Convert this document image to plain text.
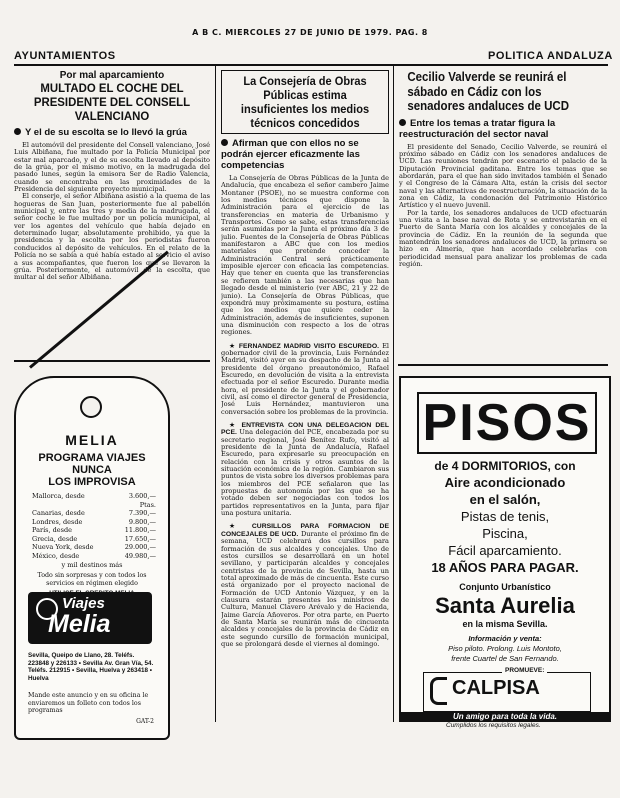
A B C. MIERCOLES 27 DE JUNIO DE 1979. PAG. 8
AYUNTAMIENTOS	POLITICA ANDALUZA

Por mal aparcamiento

MULTADO EL COCHE DEL PRESIDENTE DEL CONSELL VALENCIANO

Y el de su escolta se lo llevó la grúa

El automóvil del presidente del Consell valenciano, José Luis Albiñana, fue multado por la Policía Municipal por estar mal aparcado, y el de su escolta llevado al depósito de la grúa, por el mismo motivo, en la madrugada del pasado lunes, según la emisora Ser de Radio Valencia, cuando se encontraba en las proximidades de la Presidencia del siguiente proyecto municipal.

El conserje, el señor Albiñana asistió a la quema de las hogueras de San Juan, posteriormente fue al pabellón municipal y, entre las tres y media de la madrugada, el señor coche le fue multado por un policía municipal, al ver los agentes del vehículo que había dejado en determinado lugar, absolutamente prohibido, ya que la presidencia y la escolta por los periodistas fueron conducidos al depósito de vehículos. En el relato de la Policía no se sabía a qué había estado al servicio el aviso a sus acompañantes, que fueron los que se llevaron la grúa. Posteriormente, el automóvil de la escolta, que multar al del señor Albiñana.

MELIA
PROGRAMA VIAJES
NUNCA
LOS IMPROVISA
Mallorca, desde	3.600,— Ptas.
Canarias, desde	7.390,—
Londres, desde	9.800,—
París, desde	11.800,—
Grecia, desde	17.650,—
Nueva York, desde	29.000,—
México, desde	49.980,—
y mil destinos más
Todo sin sorpresas y con todos los servicios en régimen elegido
Viajes
Melia
Sevilla, Queipo de Llano, 28. Teléfs. 223848 y 226133 • Sevilla Av. Gran Vía, 54. Teléfs. 212915 • Sevilla, Huelva y 263418 • Huelva
Mande este anuncio y en su oficina le enviaremos un folleto con todos los programas
GAT-2

La Consejería de Obras Públicas estima insuficientes los medios técnicos concedidos

Afirman que con ellos no se podrán ejercer eficazmente las competencias

La Consejería de Obras Públicas de la Junta de Andalucía, que encabeza el señor cambero Jaime Montaner (PSOE), no se muestra conforme con los medios técnicos que dispone la Administración para el ejercicio de las transferencias en materia de Urbanismo y Transportes. Como se sabe, estas transferencias serán asumidas por la Junta el próximo día 3 de julio. Fuentes de la Consejería de Obras Públicas manifestaron a ABC que con los medios materiales que pretende conceder la Administración Central será prácticamente imposible ejercer con eficacia las competencias. Hay que tener en cuenta que las transferencias se refieren también a las necesarias que han llegado desde el ministerio (ver ABC, 21 y 22 de junio). La Consejería de Obras Públicas, que expondrá muy próximamente su postura, estima que los medios que quiere ceder la Administración, además de insuficientes, suponen una disminución con respecto a los de otras regiones.

★ FERNANDEZ MADRID VISITO ESCUREDO. El gobernador civil de la provincia, Luis Fernández Madrid, visitó ayer en su despacho de la Junta al presidente del órgano preautonómico, Rafael Escuredo, en devolución de visita a la entrevista efectuada por el señor Escuredo. Durante media hora, el presidente de la Junta y el gobernador civil, así como el director general de Presidencia, José Luis Hernández, mantuvieron una conversación sobre los problemas de la provincia.

★ ENTREVISTA CON UNA DELEGACION DEL PCE. Una delegación del PCE, encabezada por su secretario regional, José Benítez Rufo, visitó al presidente de la Junta de Andalucía, Rafael Escuredo, para expresarle su preocupación en relación con la crisis y otros asuntos de la situación económica de la región. Cambiaron sus puntos de vista sobre los diversos problemas para los miembros del PCE señalaron que las propuestas de autonomía por las que se ha votado deben ser negociadas con todos los partidos representativos en la Junta, para fijar una postura unitaria.

★ CURSILLOS PARA FORMACION DE CONCEJALES DE UCD. Durante el próximo fin de semana, UCD celebrará dos cursillos para formación de sus alcaldes y concejales. Uno de estos cursillos se desarrollará en un hotel sevillano, y participarán alcaldes y concejales centristas de la provincia de Sevilla, hasta un total aproximado de más de cincuenta. Este curso está organizado por el proyecto nacional de Formación de UCD Antonio Vázquez, y en la clausura estarán presentes los ministros de Cultura, Manuel Clavero Arévalo y de Hacienda, Jaime García Añoveros. Por otra parte, en Puerto de Santa María se reunirán más de cincuenta alcaldes y concejales de la provincia de Cádiz en este segundo cursillo de formación municipal, que se prolongará desde el viernes al domingo.

Cecilio Valverde se reunirá el sábado en Cádiz con los senadores andaluces de UCD

Entre los temas a tratar figura la reestructuración del sector naval

El presidente del Senado, Cecilio Valverde, se reunirá el próximo sábado en Cádiz con los senadores andaluces de UCD. Las reuniones tendrán por escenario el palacio de la Diputación Provincial gaditana. Entre los temas que se abordarán, para el que han sido invitados también el Senado y el Congreso de la Cámara Alta, están la crisis del sector naval y las alternativas de reestructuración, la situación de la zona en Cádiz, la condonación del Patrimonio Histórico Artístico y el nuevo juvenil.

Por la tarde, los senadores andaluces de UCD efectuarán una visita a la base naval de Rota y se entrevistarán en el Puerto de Santa María con los alcaldes y concejales de la provincia de Cádiz. En la reunión de la segunda que mantendrán los senadores andaluces de UCD, la primera se hizo en Almería, que han acordado celebrarlas con periodicidad mensual para analizar los problemas de cada región.

PISOS

de 4 DORMITORIOS, con

Aire acondicionado

en el salón,

Pistas de tenis,

Piscina,

Fácil aparcamiento.

18 AÑOS PARA PAGAR.

Conjunto Urbanístico

Santa Aurelia

en la misma Sevilla.

Información y venta:

Piso piloto. Prolong. Luis Montoto,

frente Cuartel de San Fernando.

PROMUEVE:
CALPISA
Un amigo para toda la vida.
Cumplidos los requisitos legales.
